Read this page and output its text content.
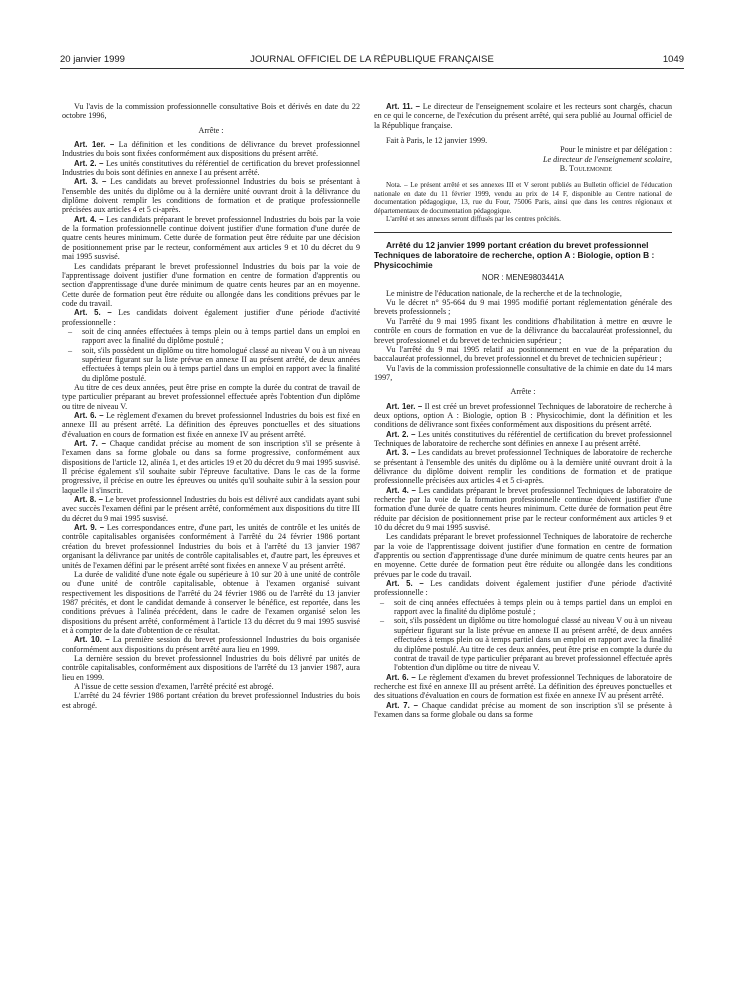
20 janvier 1999	JOURNAL OFFICIEL DE LA RÉPUBLIQUE FRANÇAISE	1049

Vu l'avis de la commission professionnelle consultative Bois et dérivés en date du 22 octobre 1996,

Arrête :

Art. 1er. – La définition et les conditions de délivrance du brevet professionnel Industries du bois sont fixées conformément aux dispositions du présent arrêté.

Art. 2. – Les unités constitutives du référentiel de certification du brevet professionnel Industries du bois sont définies en annexe I au présent arrêté.

Art. 3. – Les candidats au brevet professionnel Industries du bois se présentant à l'ensemble des unités du diplôme ou à la dernière unité ouvrant droit à la délivrance du diplôme doivent remplir les conditions de formation et de pratique professionnelle précisées aux articles 4 et 5 ci-après.

Art. 4. – Les candidats préparant le brevet professionnel Industries du bois par la voie de la formation professionnelle continue doivent justifier d'une formation d'une durée de quatre cents heures minimum. Cette durée de formation peut être réduite par une décision de positionnement prise par le recteur, conformément aux articles 9 et 10 du décret du 9 mai 1995 susvisé.

Les candidats préparant le brevet professionnel Industries du bois par la voie de l'apprentissage doivent justifier d'une formation en centre de formation d'apprentis ou section d'apprentissage d'une durée minimum de quatre cents heures par an en moyenne. Cette durée de formation peut être réduite ou allongée dans les conditions prévues par le code du travail.

Art. 5. – Les candidats doivent également justifier d'une période d'activité professionnelle :

– soit de cinq années effectuées à temps plein ou à temps partiel dans un emploi en rapport avec la finalité du diplôme postulé ;
– soit, s'ils possèdent un diplôme ou titre homologué classé au niveau V ou à un niveau supérieur figurant sur la liste prévue en annexe II au présent arrêté, de deux années effectuées à temps plein ou à temps partiel dans un emploi en rapport avec la finalité du diplôme postulé.

Au titre de ces deux années, peut être prise en compte la durée du contrat de travail de type particulier préparant au brevet professionnel effectuée après l'obtention d'un diplôme ou titre de niveau V.

Art. 6. – Le règlement d'examen du brevet professionnel Industries du bois est fixé en annexe III au présent arrêté. La définition des épreuves ponctuelles et des situations d'évaluation en cours de formation est fixée en annexe IV au présent arrêté.

Art. 7. – Chaque candidat précise au moment de son inscription s'il se présente à l'examen dans sa forme globale ou dans sa forme progressive, conformément aux dispositions de l'article 12, alinéa 1, et des articles 19 et 20 du décret du 9 mai 1995 susvisé. Il précise également s'il souhaite subir l'épreuve facultative. Dans le cas de la forme progressive, il précise en outre les épreuves ou unités qu'il souhaite subir à la session pour laquelle il s'inscrit.

Art. 8. – Le brevet professionnel Industries du bois est délivré aux candidats ayant subi avec succès l'examen défini par le présent arrêté, conformément aux dispositions du titre III du décret du 9 mai 1995 susvisé.

Art. 9. – Les correspondances entre, d'une part, les unités de contrôle et les unités de contrôle capitalisables organisées conformément à l'arrêté du 24 février 1986 portant création du brevet professionnel Industries du bois et à l'arrêté du 13 janvier 1987 organisant la délivrance par unités de contrôle capitalisables et, d'autre part, les épreuves et unités de l'examen défini par le présent arrêté sont fixées en annexe V au présent arrêté.

La durée de validité d'une note égale ou supérieure à 10 sur 20 à une unité de contrôle ou d'une unité de contrôle capitalisable, obtenue à l'examen organisé suivant respectivement les dispositions de l'arrêté du 24 février 1986 ou de l'arrêté du 13 janvier 1987 précités, et dont le candidat demande à conserver le bénéfice, est reportée, dans les conditions prévues à l'alinéa précédent, dans le cadre de l'examen organisé selon les dispositions du présent arrêté, conformément à l'article 13 du décret du 9 mai 1995 susvisé et à compter de la date d'obtention de ce résultat.

Art. 10. – La première session du brevet professionnel Industries du bois organisée conformément aux dispositions du présent arrêté aura lieu en 1999.

La dernière session du brevet professionnel Industries du bois délivré par unités de contrôle capitalisables, conformément aux dispositions de l'arrêté du 13 janvier 1987, aura lieu en 1999.

A l'issue de cette session d'examen, l'arrêté précité est abrogé.

L'arrêté du 24 février 1986 portant création du brevet professionnel Industries du bois est abrogé.

Art. 11. – Le directeur de l'enseignement scolaire et les recteurs sont chargés, chacun en ce qui le concerne, de l'exécution du présent arrêté, qui sera publié au Journal officiel de la République française.

Fait à Paris, le 12 janvier 1999.

Pour le ministre et par délégation :

Le directeur de l'enseignement scolaire,

B. Toulemonde

Nota. – Le présent arrêté et ses annexes III et V seront publiés au Bulletin officiel de l'éducation nationale en date du 11 février 1999, vendu au prix de 14 F, disponible au Centre national de documentation pédagogique, 13, rue du Four, 75006 Paris, ainsi que dans les centres régionaux et départementaux de documentation pédagogique.

L'arrêté et ses annexes seront diffusés par les centres précités.

Arrêté du 12 janvier 1999 portant création du brevet professionnel Techniques de laboratoire de recherche, option A : Biologie, option B : Physicochimie

NOR : MENE9803441A

Le ministre de l'éducation nationale, de la recherche et de la technologie,

Vu le décret n° 95-664 du 9 mai 1995 modifié portant réglementation générale des brevets professionnels ;

Vu l'arrêté du 9 mai 1995 fixant les conditions d'habilitation à mettre en œuvre le contrôle en cours de formation en vue de la délivrance du baccalauréat professionnel, du brevet professionnel et du brevet de technicien supérieur ;

Vu l'arrêté du 9 mai 1995 relatif au positionnement en vue de la préparation du baccalauréat professionnel, du brevet professionnel et du brevet de technicien supérieur ;

Vu l'avis de la commission professionnelle consultative de la chimie en date du 14 mars 1997,

Arrête :

Art. 1er. – Il est créé un brevet professionnel Techniques de laboratoire de recherche à deux options, option A : Biologie, option B : Physicochimie, dont la définition et les conditions de délivrance sont fixées conformément aux dispositions du présent arrêté.

Art. 2. – Les unités constitutives du référentiel de certification du brevet professionnel Techniques de laboratoire de recherche sont définies en annexe I au présent arrêté.

Art. 3. – Les candidats au brevet professionnel Techniques de laboratoire de recherche se présentant à l'ensemble des unités du diplôme ou à la dernière unité ouvrant droit à la délivrance du diplôme doivent remplir les conditions de formation et de pratique professionnelle précisées aux articles 4 et 5 ci-après.

Art. 4. – Les candidats préparant le brevet professionnel Techniques de laboratoire de recherche par la voie de la formation professionnelle continue doivent justifier d'une formation d'une durée de quatre cents heures minimum. Cette durée de formation peut être réduite par décision de positionnement prise par le recteur conformément aux articles 9 et 10 du décret du 9 mai 1995 susvisé.

Les candidats préparant le brevet professionnel Techniques de laboratoire de recherche par la voie de l'apprentissage doivent justifier d'une formation en centre de formation d'apprentis ou section d'apprentissage d'une durée minimum de quatre cents heures par an en moyenne. Cette durée de formation peut être réduite ou allongée dans les conditions prévues par le code du travail.

Art. 5. – Les candidats doivent également justifier d'une période d'activité professionnelle :

– soit de cinq années effectuées à temps plein ou à temps partiel dans un emploi en rapport avec la finalité du diplôme postulé ;
– soit, s'ils possèdent un diplôme ou titre homologué classé au niveau V ou à un niveau supérieur figurant sur la liste prévue en annexe II au présent arrêté, de deux années effectuées à temps plein ou à temps partiel dans un emploi en rapport avec la finalité du diplôme postulé. Au titre de ces deux années, peut être prise en compte la durée du contrat de travail de type particulier préparant au brevet professionnel effectuée après l'obtention d'un diplôme ou titre de niveau V.

Art. 6. – Le règlement d'examen du brevet professionnel Techniques de laboratoire de recherche est fixé en annexe III au présent arrêté. La définition des épreuves ponctuelles et des situations d'évaluation en cours de formation est fixée en annexe IV au présent arrêté.

Art. 7. – Chaque candidat précise au moment de son inscription s'il se présente à l'examen dans sa forme globale ou dans sa forme
